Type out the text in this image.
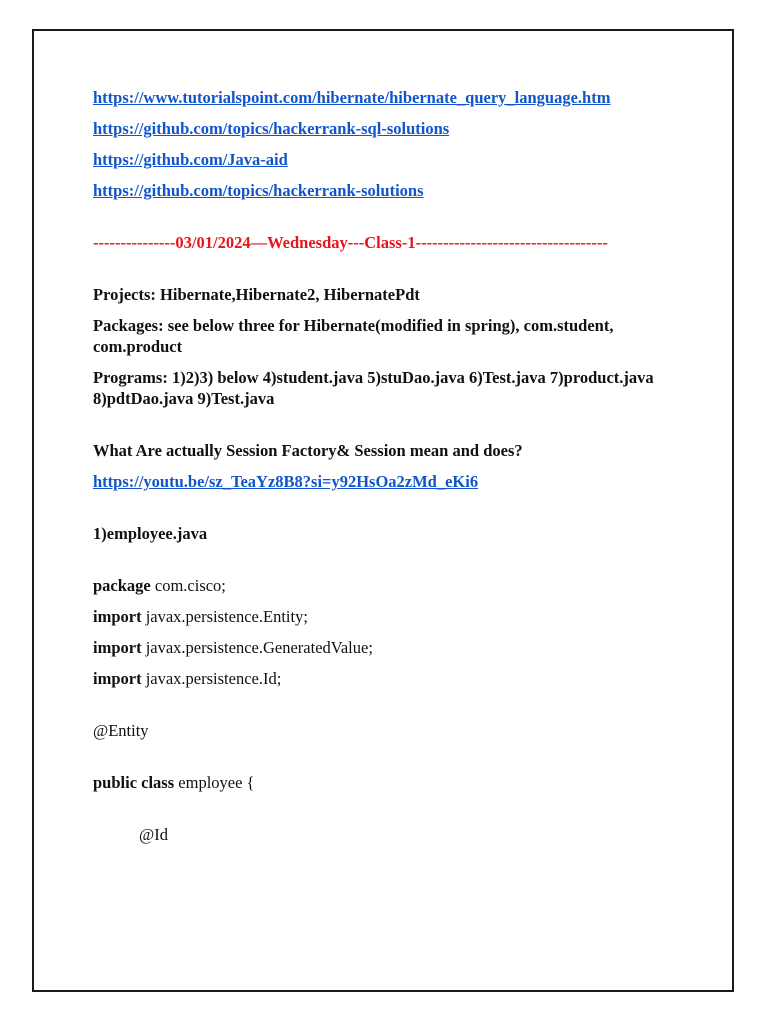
https://www.tutorialspoint.com/hibernate/hibernate_query_language.htm
https://github.com/topics/hackerrank-sql-solutions
https://github.com/Java-aid
https://github.com/topics/hackerrank-solutions
---------------03/01/2024—Wednesday---Class-1-----------------------------------
Projects: Hibernate,Hibernate2, HibernatePdt
Packages: see below three for Hibernate(modified in spring), com.student, com.product
Programs: 1)2)3) below 4)student.java 5)stuDao.java 6)Test.java 7)product.java 8)pdtDao.java 9)Test.java
What Are actually Session Factory& Session mean and does?
https://youtu.be/sz_TeaYz8B8?si=y92HsOa2zMd_eKi6
1)employee.java
package com.cisco;
import javax.persistence.Entity;
import javax.persistence.GeneratedValue;
import javax.persistence.Id;
@Entity
public class employee {
@Id
